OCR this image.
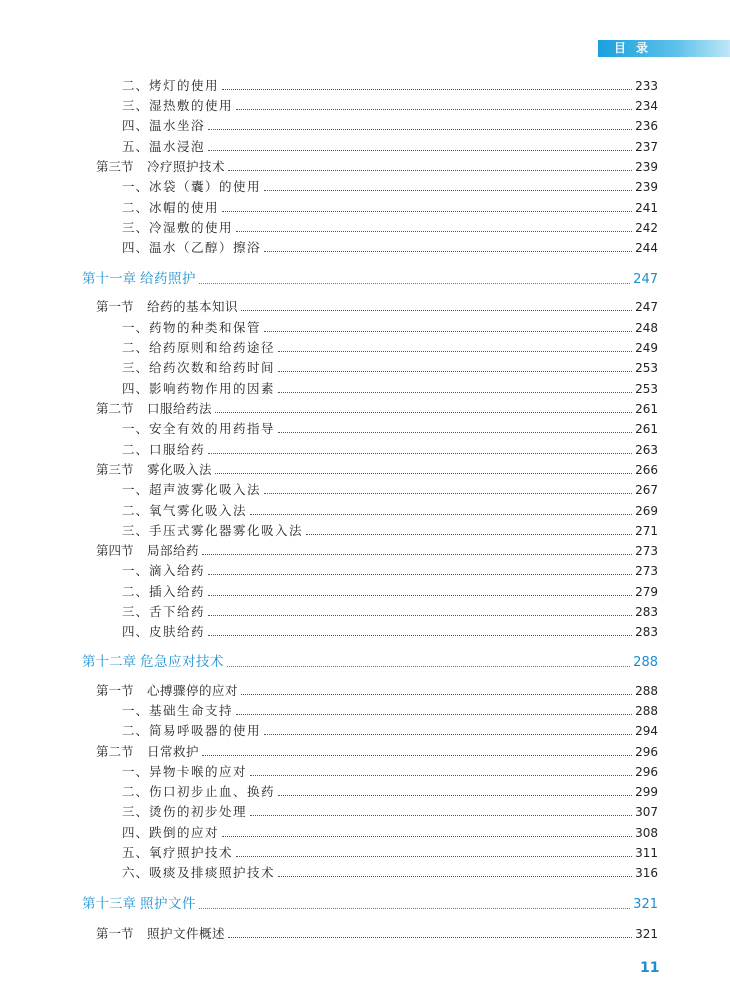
目录
二、 烤灯的使用	233
三、 湿热敷的使用	234
四、 温水坐浴	236
五、 温水浸泡	237
第三节	冷疗照护技术	239
一、 冰袋（囊）的使用	239
二、 冰帽的使用	241
三、 冷湿敷的使用	242
四、 温水（乙醇）擦浴	244
第十一章 给药照护	247
第一节	给药的基本知识	247
一、 药物的种类和保管	248
二、 给药原则和给药途径	249
三、 给药次数和给药时间	253
四、 影响药物作用的因素	253
第二节	口服给药法	261
一、 安全有效的用药指导	261
二、 口服给药	263
第三节	雾化吸入法	266
一、 超声波雾化吸入法	267
二、 氧气雾化吸入法	269
三、 手压式雾化器雾化吸入法	271
第四节	局部给药	273
一、 滴入给药	273
二、 插入给药	279
三、 舌下给药	283
四、 皮肤给药	283
第十二章 危急应对技术	288
第一节	心搏骤停的应对	288
一、 基础生命支持	288
二、 简易呼吸器的使用	294
第二节	日常救护	296
一、 异物卡喉的应对	296
二、 伤口初步止血、换药	299
三、 烫伤的初步处理	307
四、 跌倒的应对	308
五、 氧疗照护技术	311
六、 吸痰及排痰照护技术	316
第十三章 照护文件	321
第一节	照护文件概述	321
11
